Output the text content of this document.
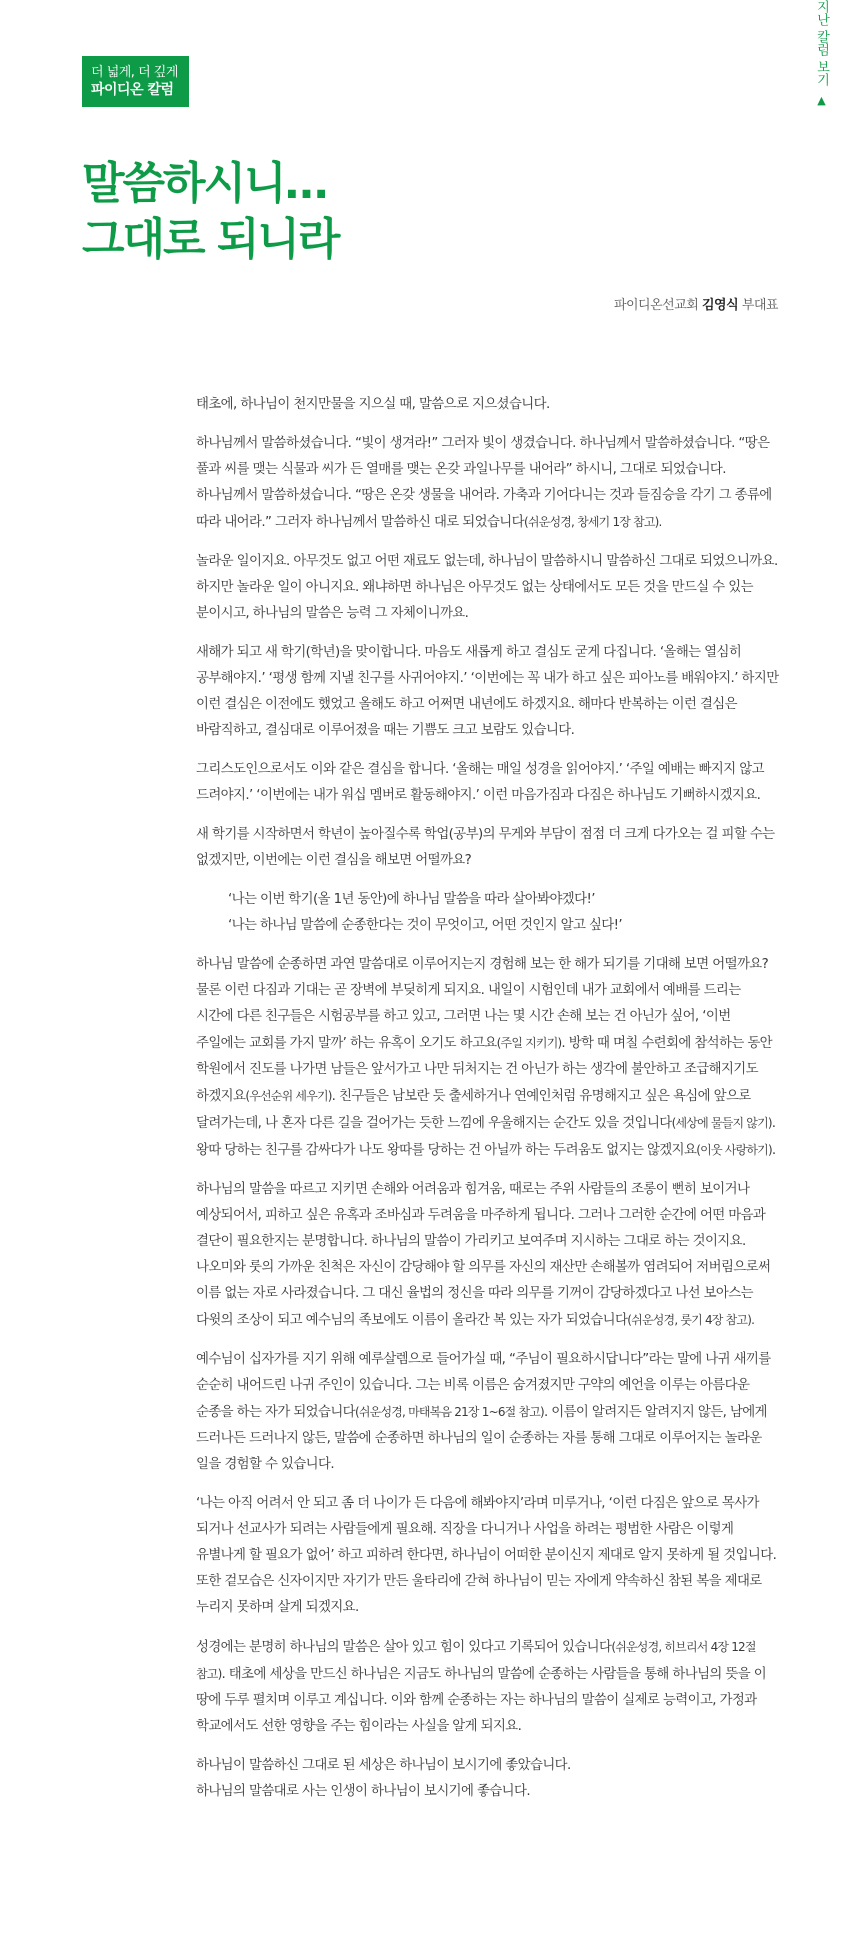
지난 칼럼 보기 ▲
더 넓게, 더 깊게
파이디온 칼럼
말씀하시니…
그대로 되니라
파이디온선교회 김영식 부대표

태초에, 하나님이 천지만물을 지으실 때, 말씀으로 지으셨습니다.

하나님께서 말씀하셨습니다. “빛이 생겨라!” 그러자 빛이 생겼습니다. 하나님께서 말씀하셨습니다. “땅은 풀과 씨를 맺는 식물과 씨가 든 열매를 맺는 온갖 과일나무를 내어라” 하시니, 그대로 되었습니다. 하나님께서 말씀하셨습니다. “땅은 온갖 생물을 내어라. 가축과 기어다니는 것과 들짐승을 각기 그 종류에 따라 내어라.” 그러자 하나님께서 말씀하신 대로 되었습니다(쉬운성경, 창세기 1장 참고).

놀라운 일이지요. 아무것도 없고 어떤 재료도 없는데, 하나님이 말씀하시니 말씀하신 그대로 되었으니까요. 하지만 놀라운 일이 아니지요. 왜냐하면 하나님은 아무것도 없는 상태에서도 모든 것을 만드실 수 있는 분이시고, 하나님의 말씀은 능력 그 자체이니까요.

새해가 되고 새 학기(학년)을 맞이합니다. 마음도 새롭게 하고 결심도 굳게 다집니다. ‘올해는 열심히 공부해야지.’ ‘평생 함께 지낼 친구를 사귀어야지.’ ‘이번에는 꼭 내가 하고 싶은 피아노를 배워야지.’ 하지만 이런 결심은 이전에도 했었고 올해도 하고 어쩌면 내년에도 하겠지요. 해마다 반복하는 이런 결심은 바람직하고, 결심대로 이루어졌을 때는 기쁨도 크고 보람도 있습니다.

그리스도인으로서도 이와 같은 결심을 합니다. ‘올해는 매일 성경을 읽어야지.’ ‘주일 예배는 빠지지 않고 드려야지.’ ‘이번에는 내가 워십 멤버로 활동해야지.’ 이런 마음가짐과 다짐은 하나님도 기뻐하시겠지요.

새 학기를 시작하면서 학년이 높아질수록 학업(공부)의 무게와 부담이 점점 더 크게 다가오는 걸 피할 수는 없겠지만, 이번에는 이런 결심을 해보면 어떨까요?

‘나는 이번 학기(올 1년 동안)에 하나님 말씀을 따라 살아봐야겠다!’
‘나는 하나님 말씀에 순종한다는 것이 무엇이고, 어떤 것인지 알고 싶다!’

하나님 말씀에 순종하면 과연 말씀대로 이루어지는지 경험해 보는 한 해가 되기를 기대해 보면 어떨까요? 물론 이런 다짐과 기대는 곧 장벽에 부딪히게 되지요. 내일이 시험인데 내가 교회에서 예배를 드리는 시간에 다른 친구들은 시험공부를 하고 있고, 그러면 나는 몇 시간 손해 보는 건 아닌가 싶어, ‘이번 주일에는 교회를 가지 말까’ 하는 유혹이 오기도 하고요(주일 지키기). 방학 때 며칠 수련회에 참석하는 동안 학원에서 진도를 나가면 남들은 앞서가고 나만 뒤처지는 건 아닌가 하는 생각에 불안하고 조급해지기도 하겠지요(우선순위 세우기). 친구들은 남보란 듯 출세하거나 연예인처럼 유명해지고 싶은 욕심에 앞으로 달려가는데, 나 혼자 다른 길을 걸어가는 듯한 느낌에 우울해지는 순간도 있을 것입니다(세상에 물들지 않기). 왕따 당하는 친구를 감싸다가 나도 왕따를 당하는 건 아닐까 하는 두려움도 없지는 않겠지요(이웃 사랑하기).

하나님의 말씀을 따르고 지키면 손해와 어려움과 힘겨움, 때로는 주위 사람들의 조롱이 뻔히 보이거나 예상되어서, 피하고 싶은 유혹과 조바심과 두려움을 마주하게 됩니다. 그러나 그러한 순간에 어떤 마음과 결단이 필요한지는 분명합니다. 하나님의 말씀이 가리키고 보여주며 지시하는 그대로 하는 것이지요. 나오미와 룻의 가까운 친척은 자신이 감당해야 할 의무를 자신의 재산만 손해볼까 염려되어 저버림으로써 이름 없는 자로 사라졌습니다. 그 대신 율법의 정신을 따라 의무를 기꺼이 감당하겠다고 나선 보아스는 다윗의 조상이 되고 예수님의 족보에도 이름이 올라간 복 있는 자가 되었습니다(쉬운성경, 룻기 4장 참고).

예수님이 십자가를 지기 위해 예루살렘으로 들어가실 때, “주님이 필요하시답니다”라는 말에 나귀 새끼를 순순히 내어드린 나귀 주인이 있습니다. 그는 비록 이름은 숨겨졌지만 구약의 예언을 이루는 아름다운 순종을 하는 자가 되었습니다(쉬운성경, 마태복음 21장 1~6절 참고). 이름이 알려지든 알려지지 않든, 남에게 드러나든 드러나지 않든, 말씀에 순종하면 하나님의 일이 순종하는 자를 통해 그대로 이루어지는 놀라운 일을 경험할 수 있습니다.

‘나는 아직 어려서 안 되고 좀 더 나이가 든 다음에 해봐야지’라며 미루거나, ‘이런 다짐은 앞으로 목사가 되거나 선교사가 되려는 사람들에게 필요해. 직장을 다니거나 사업을 하려는 평범한 사람은 이렇게 유별나게 할 필요가 없어’ 하고 피하려 한다면, 하나님이 어떠한 분이신지 제대로 알지 못하게 될 것입니다. 또한 겉모습은 신자이지만 자기가 만든 울타리에 갇혀 하나님이 믿는 자에게 약속하신 참된 복을 제대로 누리지 못하며 살게 되겠지요.

성경에는 분명히 하나님의 말씀은 살아 있고 힘이 있다고 기록되어 있습니다(쉬운성경, 히브리서 4장 12절 참고). 태초에 세상을 만드신 하나님은 지금도 하나님의 말씀에 순종하는 사람들을 통해 하나님의 뜻을 이 땅에 두루 펼치며 이루고 계십니다. 이와 함께 순종하는 자는 하나님의 말씀이 실제로 능력이고, 가정과 학교에서도 선한 영향을 주는 힘이라는 사실을 알게 되지요.

하나님이 말씀하신 그대로 된 세상은 하나님이 보시기에 좋았습니다.
하나님의 말씀대로 사는 인생이 하나님이 보시기에 좋습니다.
